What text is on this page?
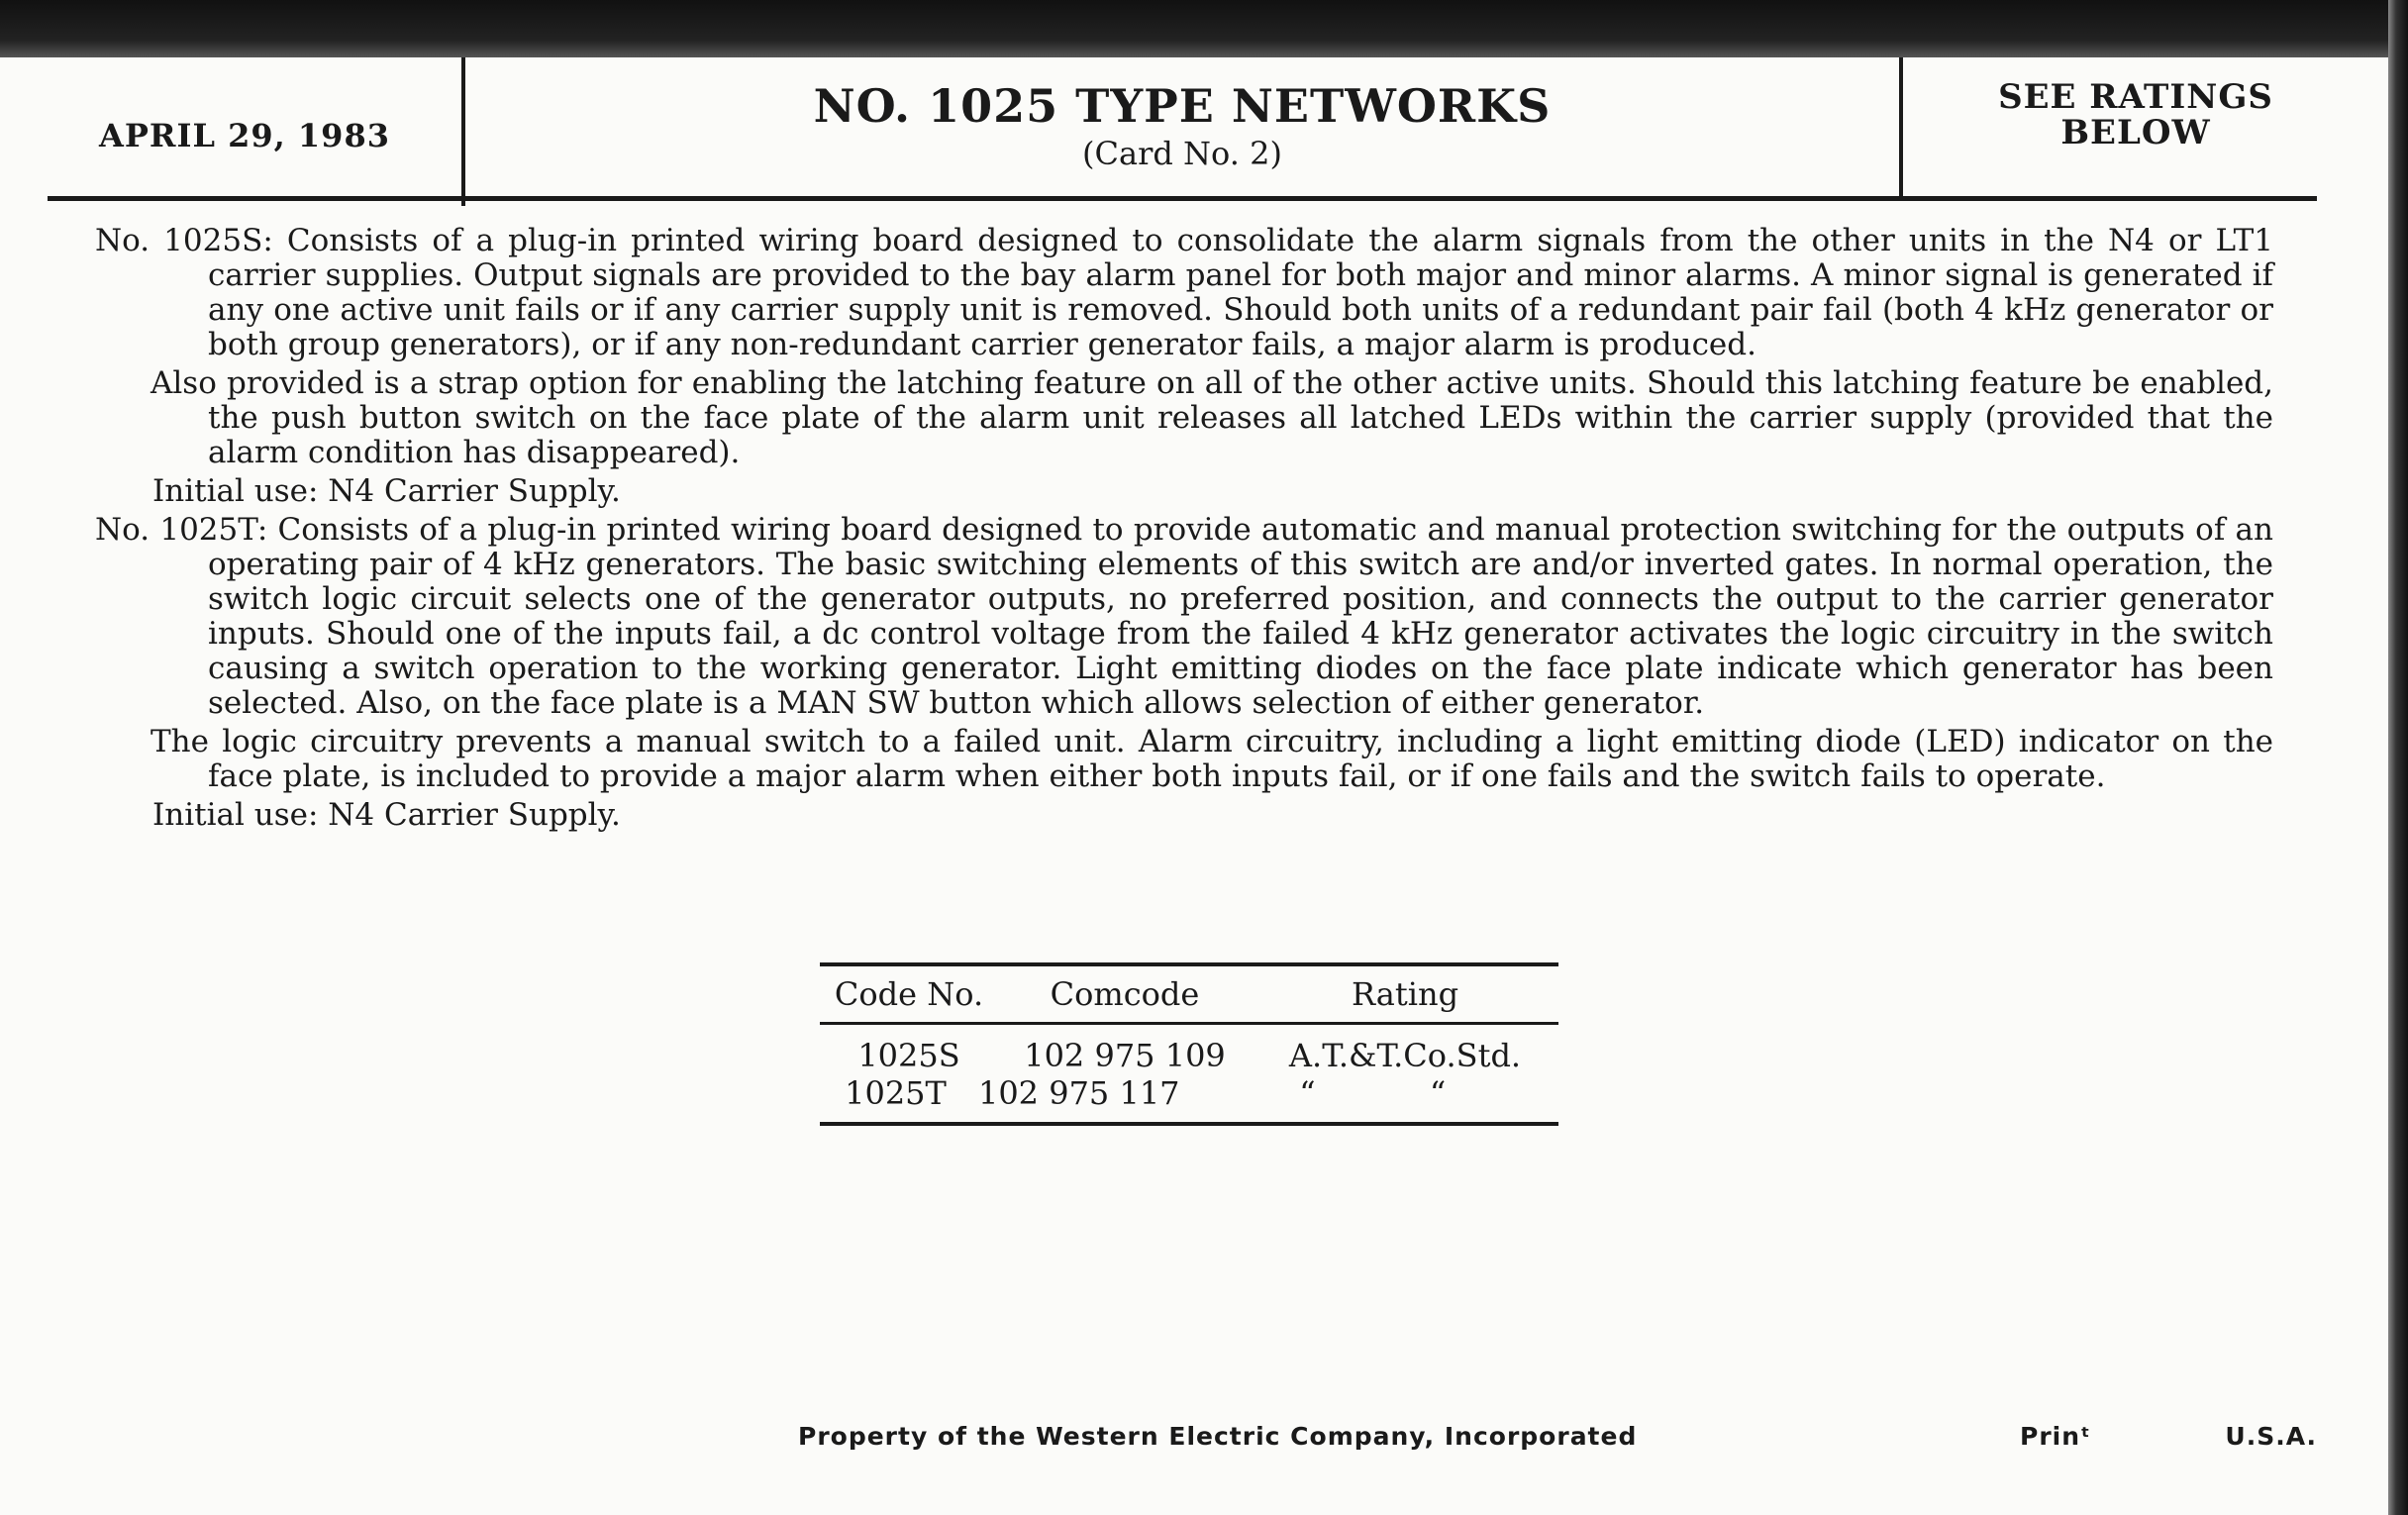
APRIL 29, 1983
NO. 1025 TYPE NETWORKS
(Card No. 2)
SEE RATINGS
BELOW

No. 1025S: Consists of a plug-in printed wiring board designed to consolidate the alarm signals from the other units in the N4 or LT1 carrier supplies. Output signals are provided to the bay alarm panel for both major and minor alarms. A minor signal is generated if any one active unit fails or if any carrier supply unit is removed. Should both units of a redundant pair fail (both 4 kHz generator or both group generators), or if any non-redundant carrier generator fails, a major alarm is produced.

Also provided is a strap option for enabling the latching feature on all of the other active units. Should this latching feature be enabled, the push button switch on the face plate of the alarm unit releases all latched LEDs within the carrier supply (provided that the alarm condition has disappeared).

Initial use: N4 Carrier Supply.

No. 1025T: Consists of a plug-in printed wiring board designed to provide automatic and manual protection switching for the outputs of an operating pair of 4 kHz generators. The basic switching elements of this switch are and/or inverted gates. In normal operation, the switch logic circuit selects one of the generator outputs, no preferred position, and connects the output to the carrier generator inputs. Should one of the inputs fail, a dc control voltage from the failed 4 kHz generator activates the logic circuitry in the switch causing a switch operation to the working generator. Light emitting diodes on the face plate indicate which generator has been selected. Also, on the face plate is a MAN SW button which allows selection of either generator.

The logic circuitry prevents a manual switch to a failed unit. Alarm circuitry, including a light emitting diode (LED) indicator on the face plate, is included to provide a major alarm when either both inputs fail, or if one fails and the switch fails to operate.

Initial use: N4 Carrier Supply.

Code No.	Comcode	Rating
1025S	102 975 109	A.T.&T.Co.Std.
1025T	102 975 117	“	“
Property of the Western Electric Company, Incorporated	Prinᵗ	U.S.A.
